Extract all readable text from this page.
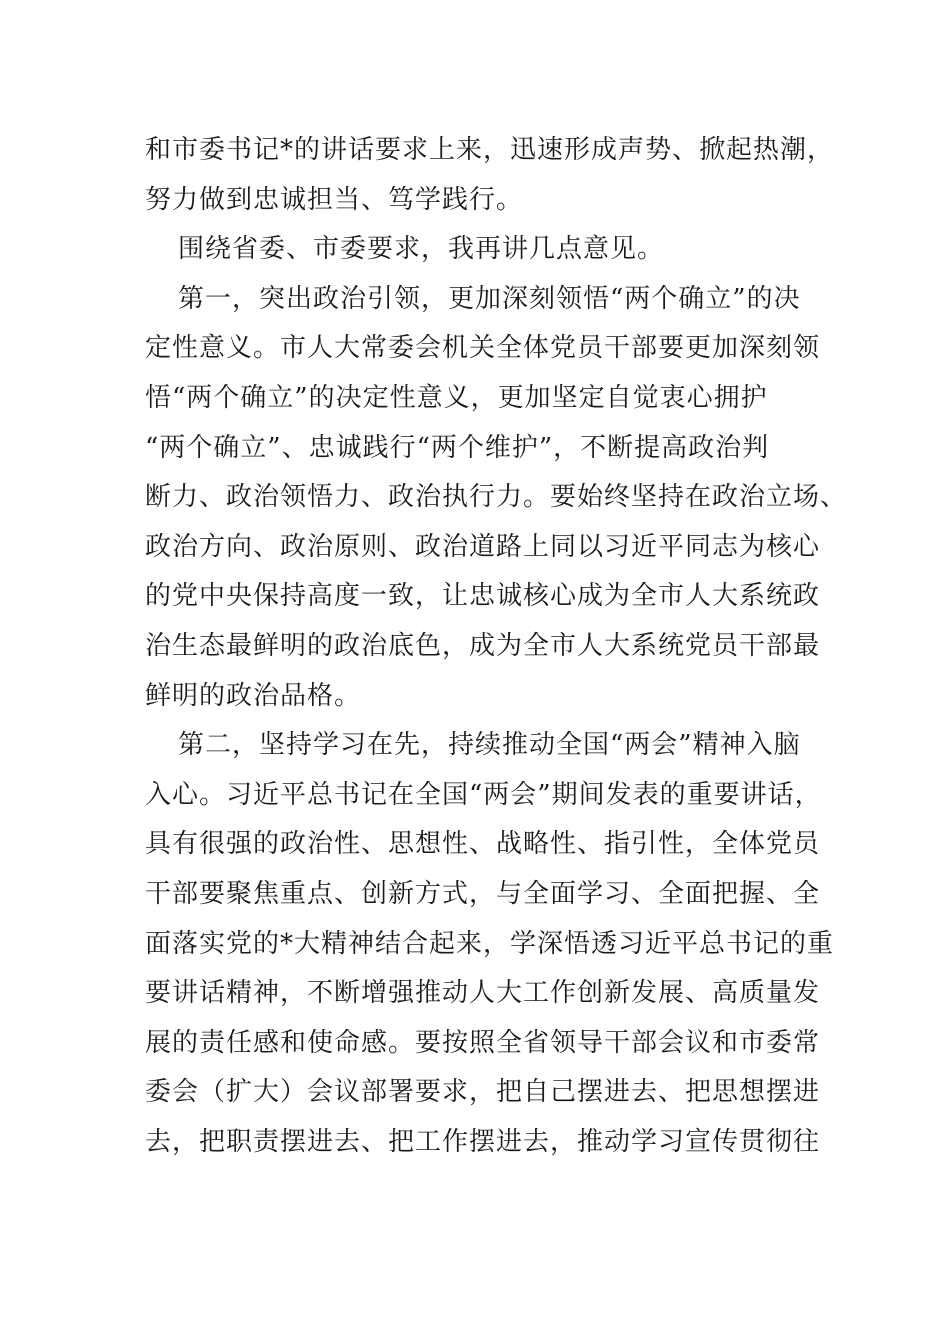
和市委书记*的讲话要求上来，迅速形成声势、掀起热潮，
努力做到忠诚担当、笃学践行。
围绕省委、市委要求，我再讲几点意见。
第一，突出政治引领，更加深刻领悟“两个确立”的决
定性意义。市人大常委会机关全体党员干部要更加深刻领
悟“两个确立”的决定性意义，更加坚定自觉衷心拥护
“两个确立”、忠诚践行“两个维护”，不断提高政治判
断力、政治领悟力、政治执行力。要始终坚持在政治立场、
政治方向、政治原则、政治道路上同以习近平同志为核心
的党中央保持高度一致，让忠诚核心成为全市人大系统政
治生态最鲜明的政治底色，成为全市人大系统党员干部最
鲜明的政治品格。
第二，坚持学习在先，持续推动全国“两会”精神入脑
入心。习近平总书记在全国“两会”期间发表的重要讲话，
具有很强的政治性、思想性、战略性、指引性，全体党员
干部要聚焦重点、创新方式，与全面学习、全面把握、全
面落实党的*大精神结合起来，学深悟透习近平总书记的重
要讲话精神，不断增强推动人大工作创新发展、高质量发
展的责任感和使命感。要按照全省领导干部会议和市委常
委会（扩大）会议部署要求，把自己摆进去、把思想摆进
去，把职责摆进去、把工作摆进去，推动学习宣传贯彻往
